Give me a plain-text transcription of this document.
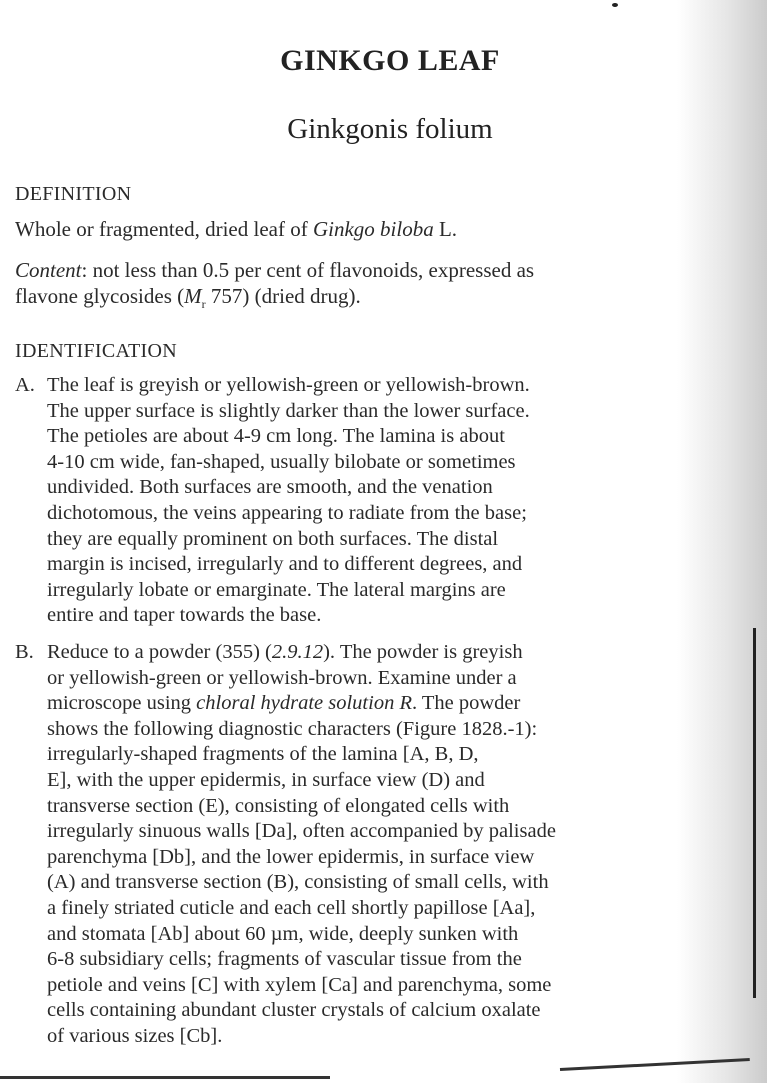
GINKGO LEAF
Ginkgonis folium
DEFINITION
Whole or fragmented, dried leaf of Ginkgo biloba L.
Content: not less than 0.5 per cent of flavonoids, expressed as
flavone glycosides ($M_r$ 757) (dried drug).
IDENTIFICATION
A. The leaf is greyish or yellowish-green or yellowish-brown.
The upper surface is slightly darker than the lower surface.
The petioles are about 4-9 cm long. The lamina is about
4-10 cm wide, fan-shaped, usually bilobate or sometimes
undivided. Both surfaces are smooth, and the venation
dichotomous, the veins appearing to radiate from the base;
they are equally prominent on both surfaces. The distal
margin is incised, irregularly and to different degrees, and
irregularly lobate or emarginate. The lateral margins are
entire and taper towards the base.
B. Reduce to a powder (355) (2.9.12). The powder is greyish
or yellowish-green or yellowish-brown. Examine under a
microscope using chloral hydrate solution R. The powder
shows the following diagnostic characters (Figure 1828.-1):
irregularly-shaped fragments of the lamina [A, B, D,
E], with the upper epidermis, in surface view (D) and
transverse section (E), consisting of elongated cells with
irregularly sinuous walls [Da], often accompanied by palisade
parenchyma [Db], and the lower epidermis, in surface view
(A) and transverse section (B), consisting of small cells, with
a finely striated cuticle and each cell shortly papillose [Aa],
and stomata [Ab] about 60 µm, wide, deeply sunken with
6-8 subsidiary cells; fragments of vascular tissue from the
petiole and veins [C] with xylem [Ca] and parenchyma, some
cells containing abundant cluster crystals of calcium oxalate
of various sizes [Cb].
